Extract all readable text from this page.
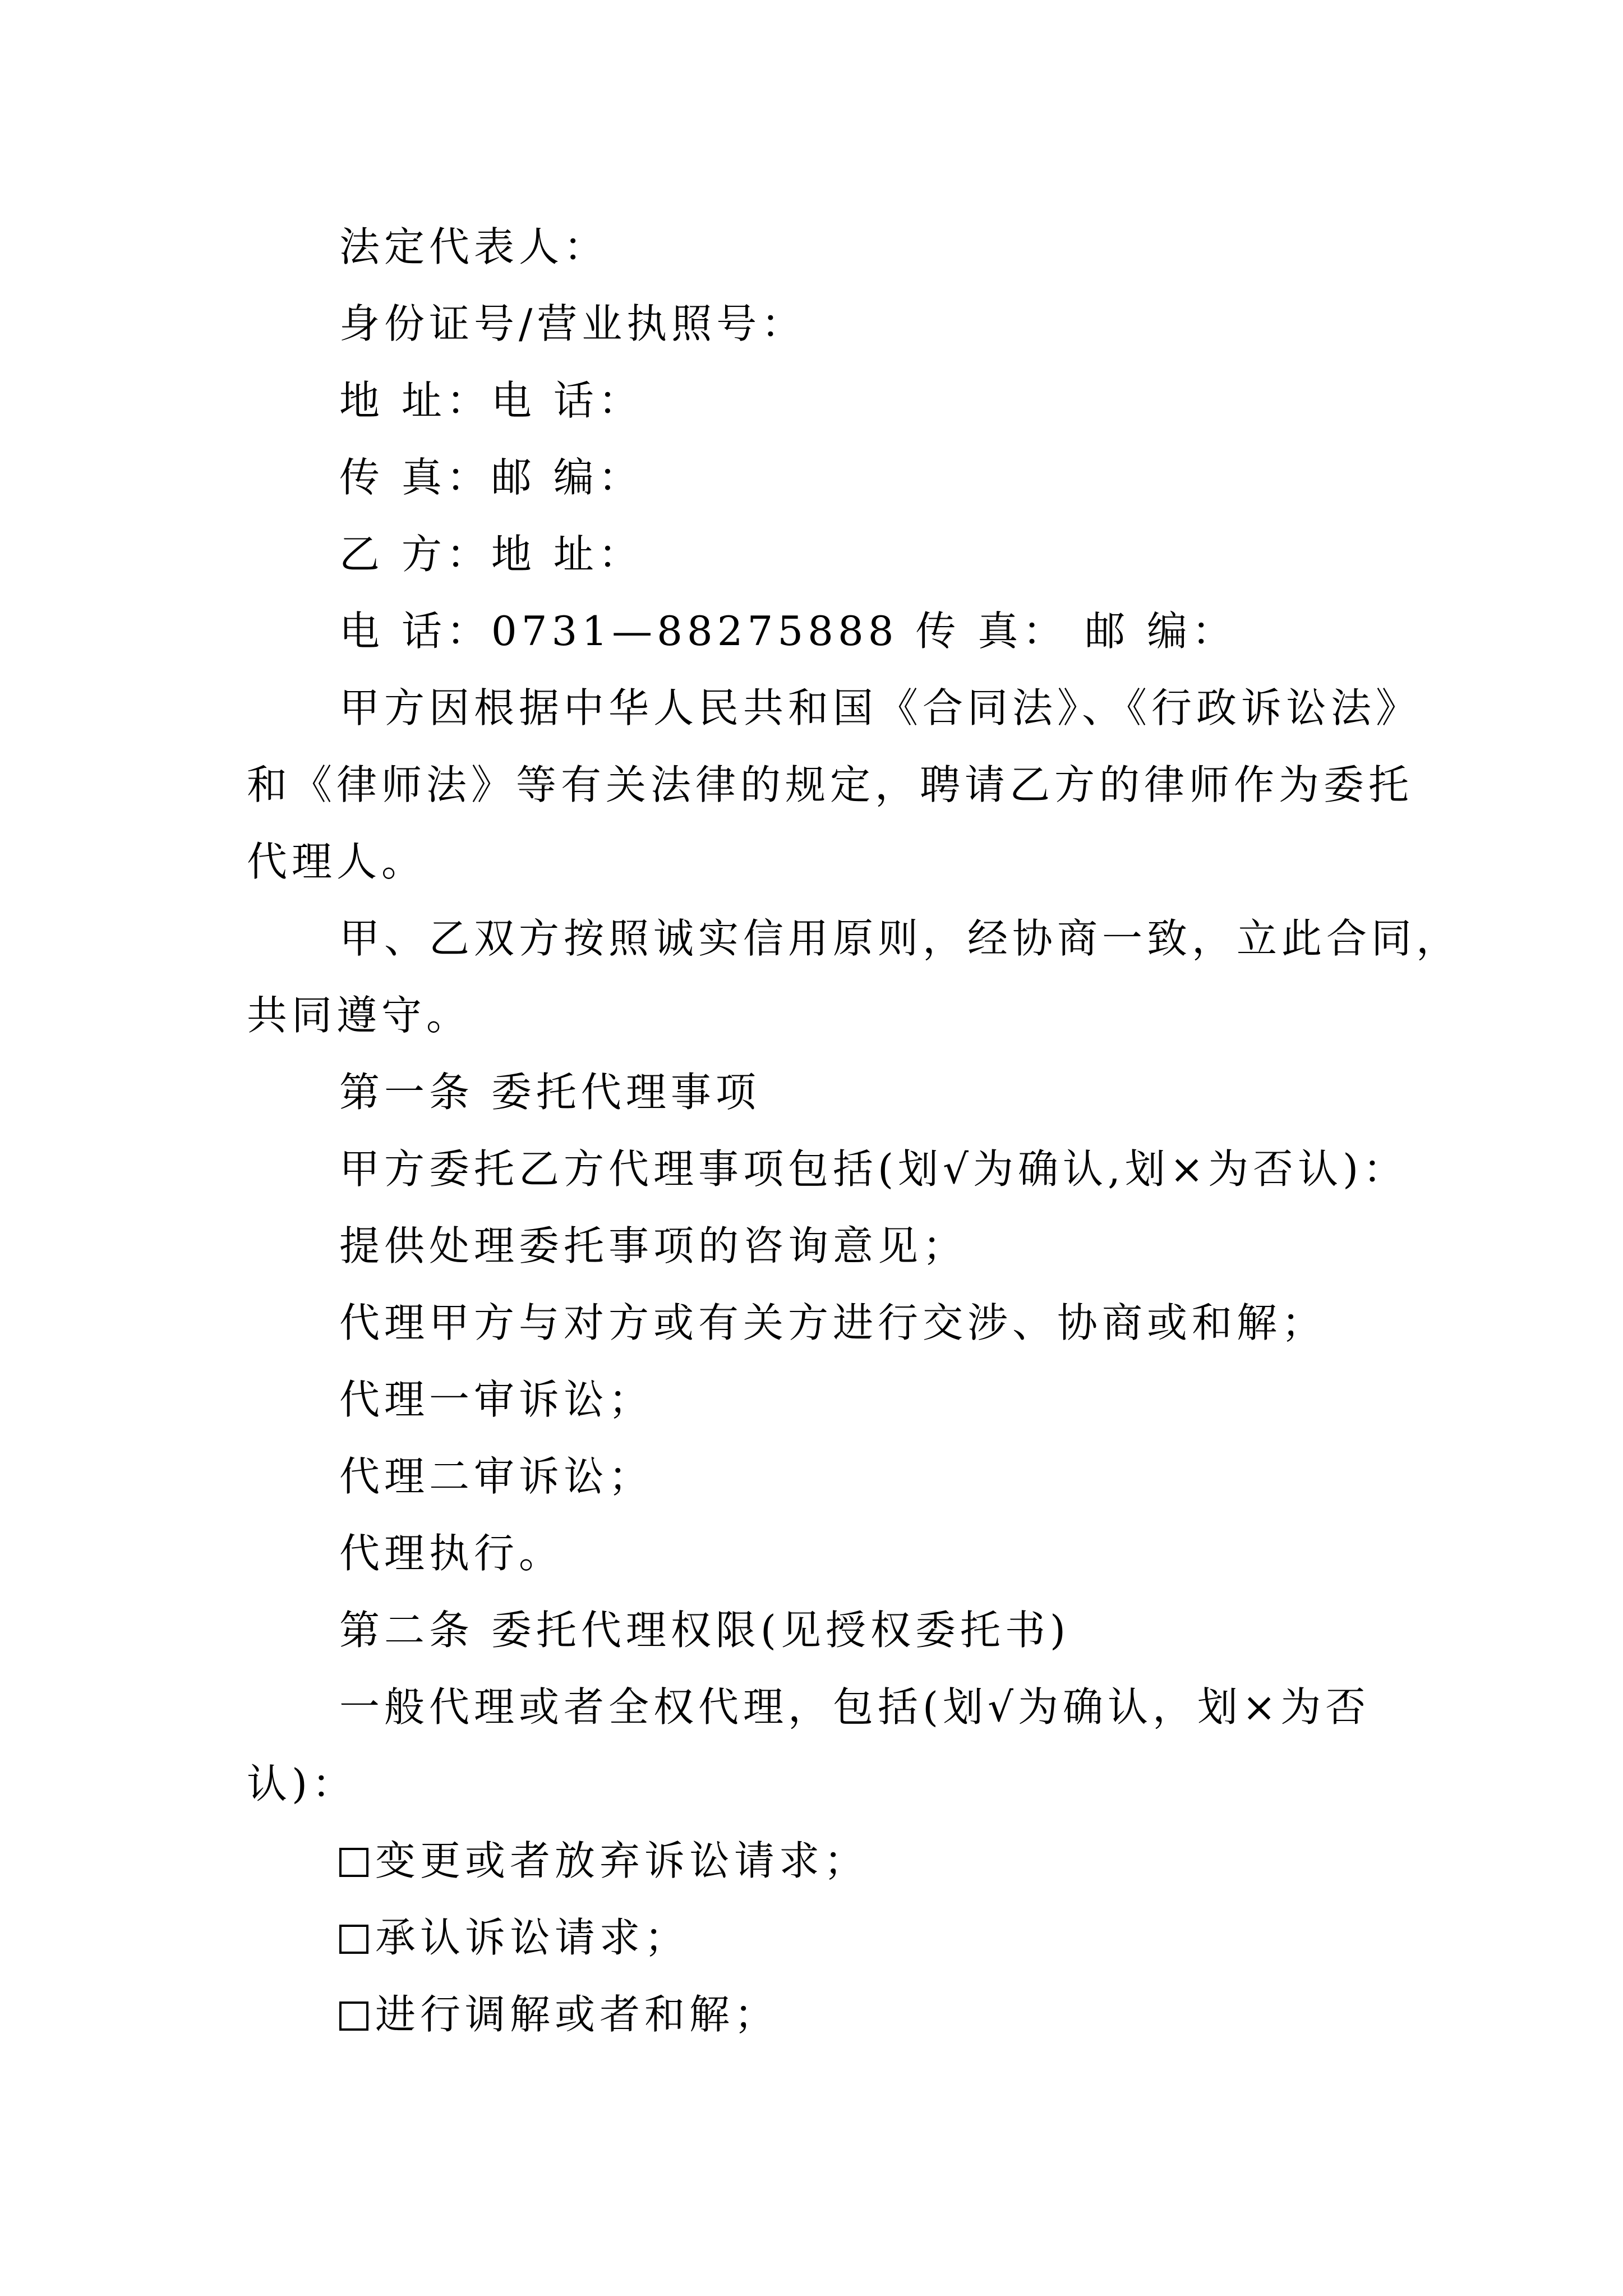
法定代表人：
身份证号/营业执照号：
地 址：电 话：
传 真：邮 编：
乙 方：地 址：
电 话：0731—88275888 传 真： 邮 编：
甲方因根据中华人民共和国《合同法》、《行政诉讼法》
和《律师法》等有关法律的规定，聘请乙方的律师作为委托
代理人。
甲、乙双方按照诚实信用原则，经协商一致，立此合同，
共同遵守。
第一条 委托代理事项
甲方委托乙方代理事项包括(划√为确认,划×为否认)：
提供处理委托事项的咨询意见；
代理甲方与对方或有关方进行交涉、协商或和解；
代理一审诉讼；
代理二审诉讼；
代理执行。
第二条 委托代理权限(见授权委托书)
一般代理或者全权代理，包括(划√为确认，划×为否
认)：
变更或者放弃诉讼请求；
承认诉讼请求；
进行调解或者和解；
